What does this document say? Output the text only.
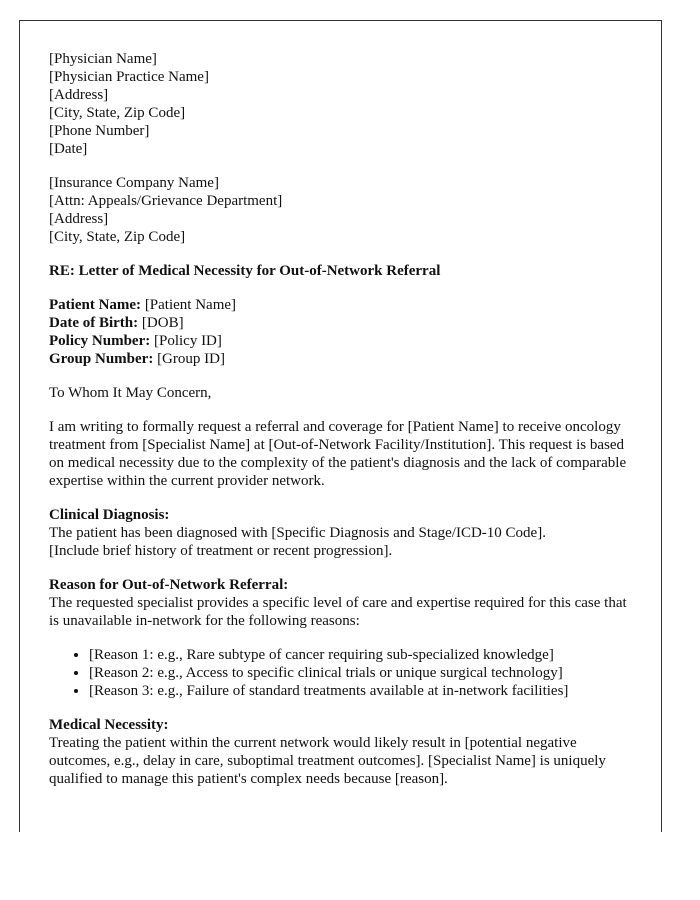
[Physician Name]
[Physician Practice Name]
[Address]
[City, State, Zip Code]
[Phone Number]
[Date]

[Insurance Company Name]
[Attn: Appeals/Grievance Department]
[Address]
[City, State, Zip Code]

RE: Letter of Medical Necessity for Out-of-Network Referral

Patient Name: [Patient Name]
Date of Birth: [DOB]
Policy Number: [Policy ID]
Group Number: [Group ID]

To Whom It May Concern,

I am writing to formally request a referral and coverage for [Patient Name] to receive oncology treatment from [Specialist Name] at [Out-of-Network Facility/Institution]. This request is based on medical necessity due to the complexity of the patient's diagnosis and the lack of comparable expertise within the current provider network.

Clinical Diagnosis:
The patient has been diagnosed with [Specific Diagnosis and Stage/ICD-10 Code].
[Include brief history of treatment or recent progression].

Reason for Out-of-Network Referral:
The requested specialist provides a specific level of care and expertise required for this case that is unavailable in-network for the following reasons:

• [Reason 1: e.g., Rare subtype of cancer requiring sub-specialized knowledge]
• [Reason 2: e.g., Access to specific clinical trials or unique surgical technology]
• [Reason 3: e.g., Failure of standard treatments available at in-network facilities]

Medical Necessity:
Treating the patient within the current network would likely result in [potential negative outcomes, e.g., delay in care, suboptimal treatment outcomes]. [Specialist Name] is uniquely qualified to manage this patient's complex needs because [reason].
